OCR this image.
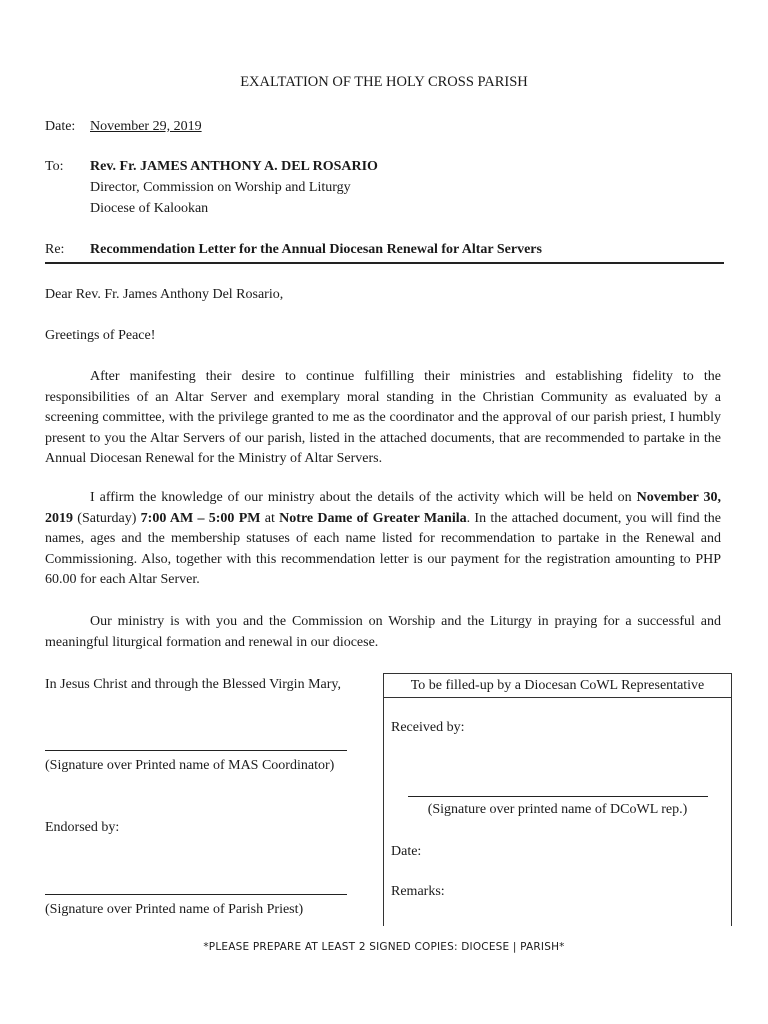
EXALTATION OF THE HOLY CROSS PARISH
Date: November 29, 2019
To: Rev. Fr. JAMES ANTHONY A. DEL ROSARIO
Director, Commission on Worship and Liturgy
Diocese of Kalookan
Re: Recommendation Letter for the Annual Diocesan Renewal for Altar Servers
Dear Rev. Fr. James Anthony Del Rosario,
Greetings of Peace!
After manifesting their desire to continue fulfilling their ministries and establishing fidelity to the responsibilities of an Altar Server and exemplary moral standing in the Christian Community as evaluated by a screening committee, with the privilege granted to me as the coordinator and the approval of our parish priest, I humbly present to you the Altar Servers of our parish, listed in the attached documents, that are recommended to partake in the Annual Diocesan Renewal for the Ministry of Altar Servers.
I affirm the knowledge of our ministry about the details of the activity which will be held on November 30, 2019 (Saturday) 7:00 AM – 5:00 PM at Notre Dame of Greater Manila. In the attached document, you will find the names, ages and the membership statuses of each name listed for recommendation to partake in the Renewal and Commissioning. Also, together with this recommendation letter is our payment for the registration amounting to PHP 60.00 for each Altar Server.
Our ministry is with you and the Commission on Worship and the Liturgy in praying for a successful and meaningful liturgical formation and renewal in our diocese.
In Jesus Christ and through the Blessed Virgin Mary,
(Signature over Printed name of MAS Coordinator)
Endorsed by:
(Signature over Printed name of Parish Priest)
To be filled-up by a Diocesan CoWL Representative
Received by:
(Signature over printed name of DCoWL rep.)
Date:
Remarks:
*PLEASE PREPARE AT LEAST 2 SIGNED COPIES: DIOCESE | PARISH*
